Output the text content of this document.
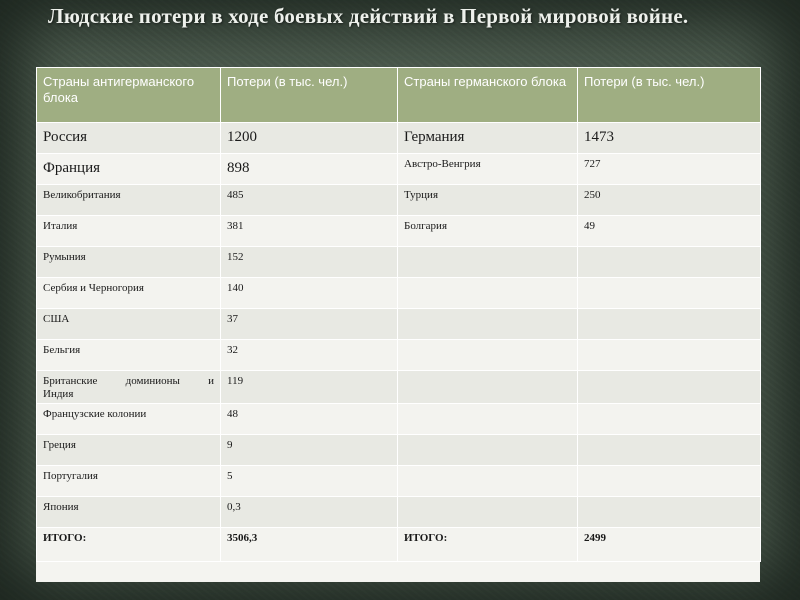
Людские потери в ходе боевых действий в Первой мировой войне.
Страны антигерманского блока	Потери (в тыс. чел.)	Страны германского блока	Потери (в тыс. чел.)
Россия	1200	Германия	1473
Франция	898	Австро-Венгрия	727
Великобритания	485	Турция	250
Италия	381	Болгария	49
Румыния	152		
Сербия и Черногория	140		
США	37		
Бельгия	32		
Британские доминионы и
Индия	119		
Французские колонии	48		
Греция	9		
Португалия	5		
Япония	0,3		
ИТОГО:	3506,3	ИТОГО:	2499
